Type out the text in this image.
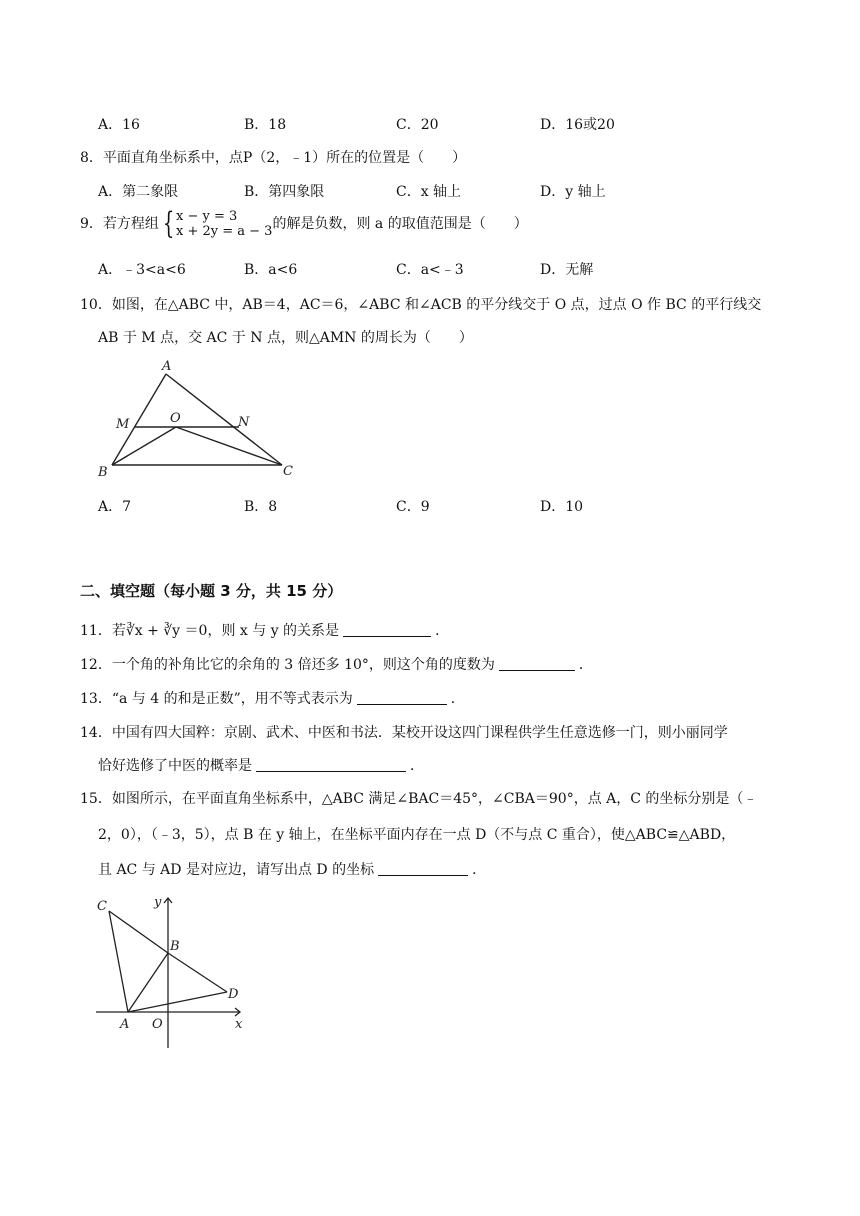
A．16	B．18	C．20	D．16或20
8．平面直角坐标系中，点P（2，﹣1）所在的位置是（　　）
A．第二象限	B．第四象限	C．x 轴上	D．y 轴上
9．若方程组 { x − y = 3
x + 2y = a − 3的解是负数，则 a 的取值范围是（　　）
A．﹣3<a<6	B．a<6	C．a<﹣3	D．无解
10．如图，在△ABC 中，AB＝4，AC＝6，∠ABC 和∠ACB 的平分线交于 O 点，过点 O 作 BC 的平行线交
AB 于 M 点，交 AC 于 N 点，则△AMN 的周长为（　　）
A
B	C
M	N
O
A．7	B．8	C．9	D．10
二、填空题（每小题 3 分，共 15 分）
11．若∛x + ∛y ＝0，则 x 与 y 的关系是	．
12．一个角的补角比它的余角的 3 倍还多 10°，则这个角的度数为	．
13．“a 与 4 的和是正数”，用不等式表示为	．
14．中国有四大国粹：京剧、武术、中医和书法．某校开设这四门课程供学生任意选修一门，则小丽同学
恰好选修了中医的概率是	．
15．如图所示，在平面直角坐标系中，△ABC 满足∠BAC＝45°，∠CBA＝90°，点 A，C 的坐标分别是（﹣
2，0），（﹣3，5），点 B 在 y 轴上，在坐标平面内存在一点 D（不与点 C 重合），使△ABC≌△ABD，
且 AC 与 AD 是对应边，请写出点 D 的坐标	．
C	y
B
D
A O	x
